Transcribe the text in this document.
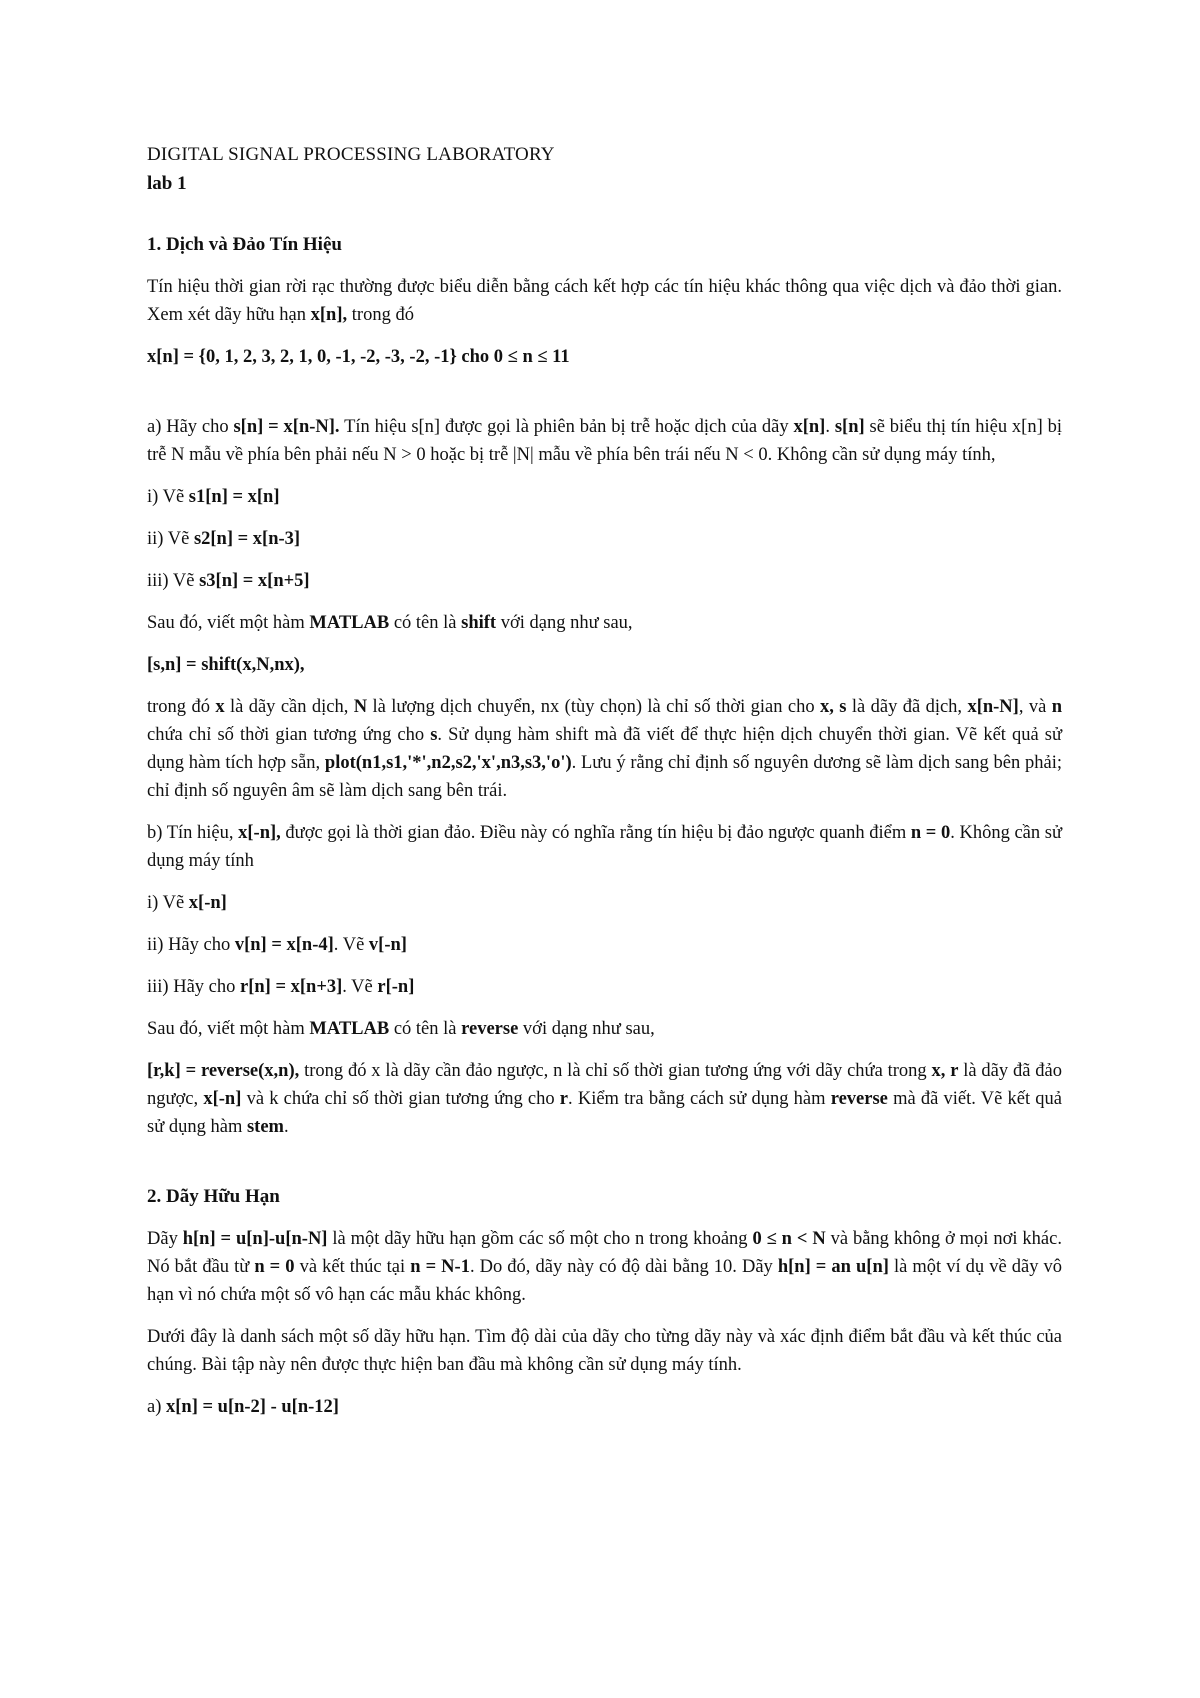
DIGITAL SIGNAL PROCESSING LABORATORY
lab 1
1. Dịch và Đảo Tín Hiệu

Tín hiệu thời gian rời rạc thường được biểu diễn bằng cách kết hợp các tín hiệu khác thông qua việc dịch và đảo thời gian. Xem xét dãy hữu hạn x[n], trong đó

x[n] = {0, 1, 2, 3, 2, 1, 0, -1, -2, -3, -2, -1} cho 0 ≤ n ≤ 11

a) Hãy cho s[n] = x[n-N]. Tín hiệu s[n] được gọi là phiên bản bị trễ hoặc dịch của dãy x[n]. s[n] sẽ biểu thị tín hiệu x[n] bị trễ N mẫu về phía bên phải nếu N > 0 hoặc bị trễ |N| mẫu về phía bên trái nếu N < 0. Không cần sử dụng máy tính,

i) Vẽ s1[n] = x[n]

ii) Vẽ s2[n] = x[n-3]

iii) Vẽ s3[n] = x[n+5]

Sau đó, viết một hàm MATLAB có tên là shift với dạng như sau,

[s,n] = shift(x,N,nx),

trong đó x là dãy cần dịch, N là lượng dịch chuyển, nx (tùy chọn) là chỉ số thời gian cho x, s là dãy đã dịch, x[n-N], và n chứa chỉ số thời gian tương ứng cho s. Sử dụng hàm shift mà đã viết để thực hiện dịch chuyển thời gian. Vẽ kết quả sử dụng hàm tích hợp sẵn, plot(n1,s1,'*',n2,s2,'x',n3,s3,'o'). Lưu ý rằng chỉ định số nguyên dương sẽ làm dịch sang bên phải; chỉ định số nguyên âm sẽ làm dịch sang bên trái.

b) Tín hiệu, x[-n], được gọi là thời gian đảo. Điều này có nghĩa rằng tín hiệu bị đảo ngược quanh điểm n = 0. Không cần sử dụng máy tính

i) Vẽ x[-n]

ii) Hãy cho v[n] = x[n-4]. Vẽ v[-n]

iii) Hãy cho r[n] = x[n+3]. Vẽ r[-n]

Sau đó, viết một hàm MATLAB có tên là reverse với dạng như sau,

[r,k] = reverse(x,n), trong đó x là dãy cần đảo ngược, n là chỉ số thời gian tương ứng với dãy chứa trong x, r là dãy đã đảo ngược, x[-n] và k chứa chỉ số thời gian tương ứng cho r. Kiểm tra bằng cách sử dụng hàm reverse mà đã viết. Vẽ kết quả sử dụng hàm stem.

2. Dãy Hữu Hạn

Dãy h[n] = u[n]-u[n-N] là một dãy hữu hạn gồm các số một cho n trong khoảng 0 ≤ n < N và bằng không ở mọi nơi khác. Nó bắt đầu từ n = 0 và kết thúc tại n = N-1. Do đó, dãy này có độ dài bằng 10. Dãy h[n] = an u[n] là một ví dụ về dãy vô hạn vì nó chứa một số vô hạn các mẫu khác không.

Dưới đây là danh sách một số dãy hữu hạn. Tìm độ dài của dãy cho từng dãy này và xác định điểm bắt đầu và kết thúc của chúng. Bài tập này nên được thực hiện ban đầu mà không cần sử dụng máy tính.

a) x[n] = u[n-2] - u[n-12]
